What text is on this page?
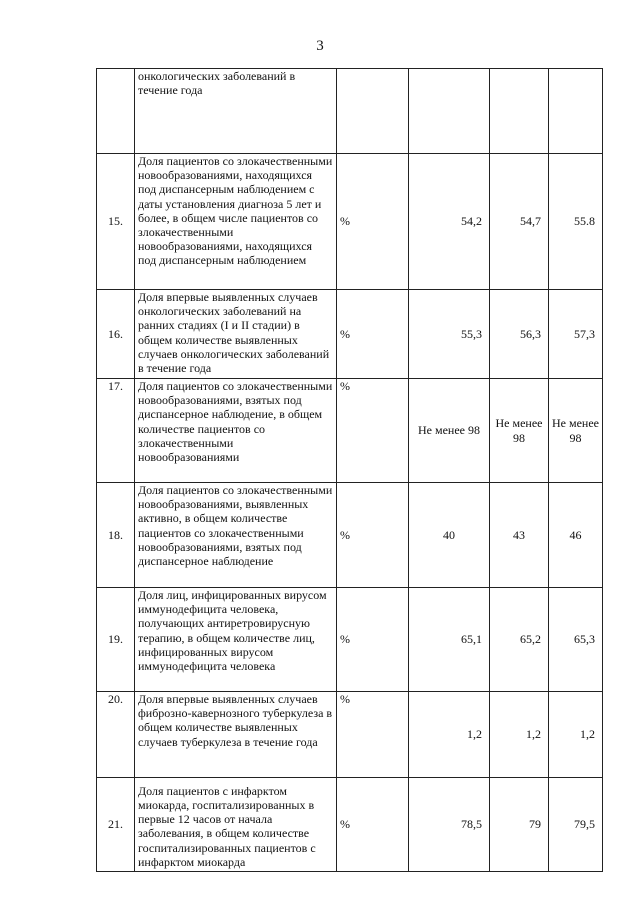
3
	онкологических заболеваний в течение года				
15.	Доля пациентов со злокачественными новообразованиями, находящихся под диспансерным наблюдением с даты установления диагноза 5 лет и более, в общем числе пациентов со злокачественными новообразованиями, находящихся под диспансерным наблюдением	%	54,2	54,7	55.8
16.	Доля впервые выявленных случаев онкологических заболеваний на ранних стадиях (I и II стадии) в общем количестве выявленных случаев онкологических заболеваний в течение года	%	55,3	56,3	57,3
17.	Доля пациентов со злокачественными новообразованиями, взятых под диспансерное наблюдение, в общем количестве пациентов со злокачественными новообразованиями	%	Не менее 98	Не менее 98	Не менее 98
18.	Доля пациентов со злокачественными новообразованиями, выявленных активно, в общем количестве пациентов со злокачественными новообразованиями, взятых под диспансерное наблюдение	%	40	43	46
19.	Доля лиц, инфицированных вирусом иммунодефицита человека, получающих антиретровирусную терапию, в общем количестве лиц, инфицированных вирусом иммунодефицита человека	%	65,1	65,2	65,3
20.	Доля впервые выявленных случаев фиброзно-кавернозного туберкулеза в общем количестве выявленных случаев туберкулеза в течение года	%	1,2	1,2	1,2
21.	Доля пациентов с инфарктом миокарда, госпитализированных в первые 12 часов от начала заболевания, в общем количестве госпитализированных пациентов с инфарктом миокарда	%	78,5	79	79,5
